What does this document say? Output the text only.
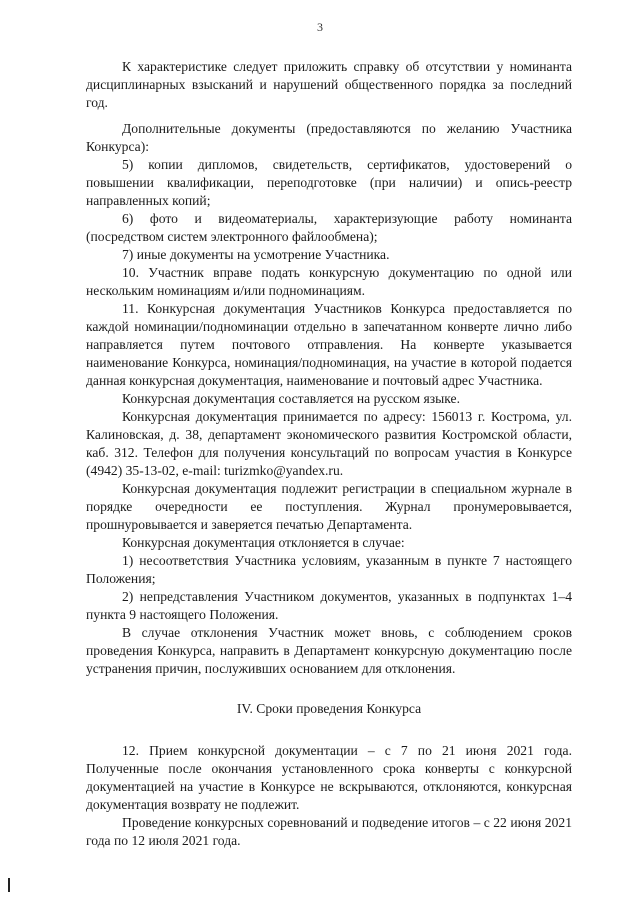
3

К характеристике следует приложить справку об отсутствии у номинанта дисциплинарных взысканий и нарушений общественного порядка за последний год.

Дополнительные документы (предоставляются по желанию Участника Конкурса):

5) копии дипломов, свидетельств, сертификатов, удостоверений о повышении квалификации, переподготовке (при наличии) и опись-реестр направленных копий;

6) фото и видеоматериалы, характеризующие работу номинанта (посредством систем электронного файлообмена);

7) иные документы на усмотрение Участника.

10. Участник вправе подать конкурсную документацию по одной или нескольким номинациям и/или подноминациям.

11. Конкурсная документация Участников Конкурса предоставляется по каждой номинации/подноминации отдельно в запечатанном конверте лично либо направляется путем почтового отправления. На конверте указывается наименование Конкурса, номинация/подноминация, на участие в которой подается данная конкурсная документация, наименование и почтовый адрес Участника.

Конкурсная документация составляется на русском языке.

Конкурсная документация принимается по адресу: 156013 г. Кострома, ул. Калиновская, д. 38, департамент экономического развития Костромской области, каб. 312. Телефон для получения консультаций по вопросам участия в Конкурсе (4942) 35-13-02, e-mail: turizmko@yandex.ru.

Конкурсная документация подлежит регистрации в специальном журнале в порядке очередности ее поступления. Журнал пронумеровывается, прошнуровывается и заверяется печатью Департамента.

Конкурсная документация отклоняется в случае:

1) несоответствия Участника условиям, указанным в пункте 7 настоящего Положения;

2) непредставления Участником документов, указанных в подпунктах 1–4 пункта 9 настоящего Положения.

В случае отклонения Участник может вновь, с соблюдением сроков проведения Конкурса, направить в Департамент конкурсную документацию после устранения причин, послуживших основанием для отклонения.

IV. Сроки проведения Конкурса

12. Прием конкурсной документации – с 7 по 21 июня 2021 года. Полученные после окончания установленного срока конверты с конкурсной документацией на участие в Конкурсе не вскрываются, отклоняются, конкурсная документация возврату не подлежит.

Проведение конкурсных соревнований и подведение итогов – с 22 июня 2021 года по 12 июля 2021 года.
